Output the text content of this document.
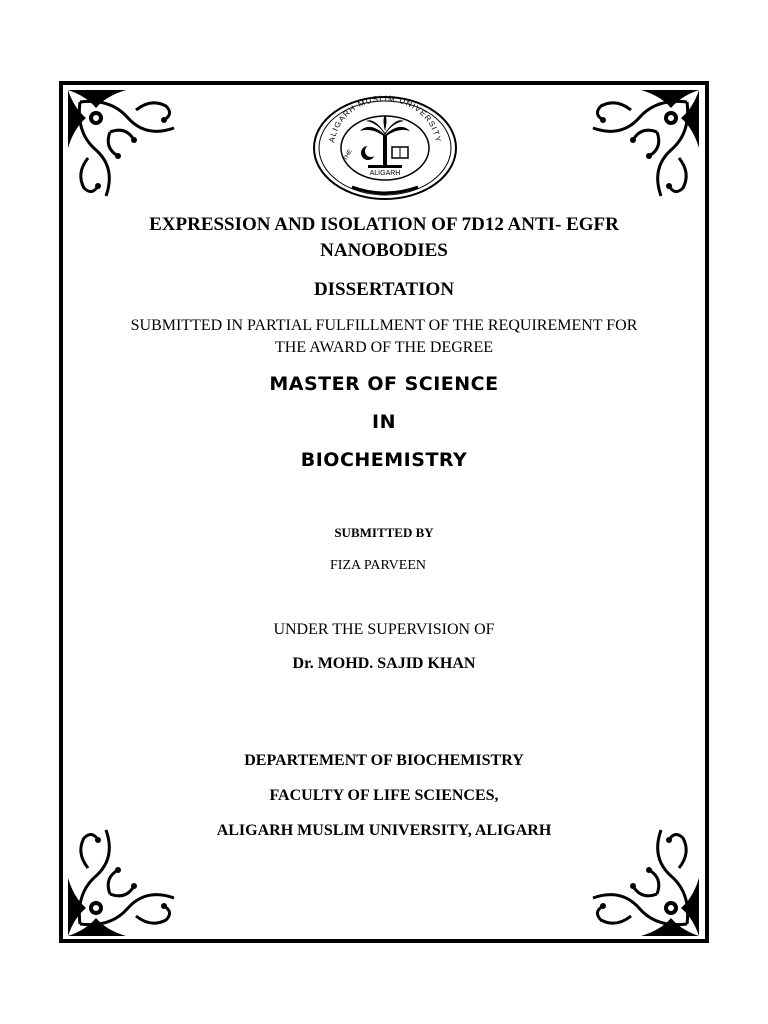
ALIGARH MUSLIM UNIVERSITY
ALIGARH
THE
EXPRESSION AND ISOLATION OF 7D12 ANTI- EGFR
NANOBODIES
DISSERTATION
SUBMITTED IN PARTIAL FULFILLMENT OF THE REQUIREMENT FOR
THE AWARD OF THE DEGREE
MASTER OF SCIENCE
IN
BIOCHEMISTRY
SUBMITTED BY
FIZA PARVEEN
UNDER THE SUPERVISION OF
Dr. MOHD. SAJID KHAN
DEPARTEMENT OF BIOCHEMISTRY
FACULTY OF LIFE SCIENCES,
ALIGARH MUSLIM UNIVERSITY, ALIGARH
